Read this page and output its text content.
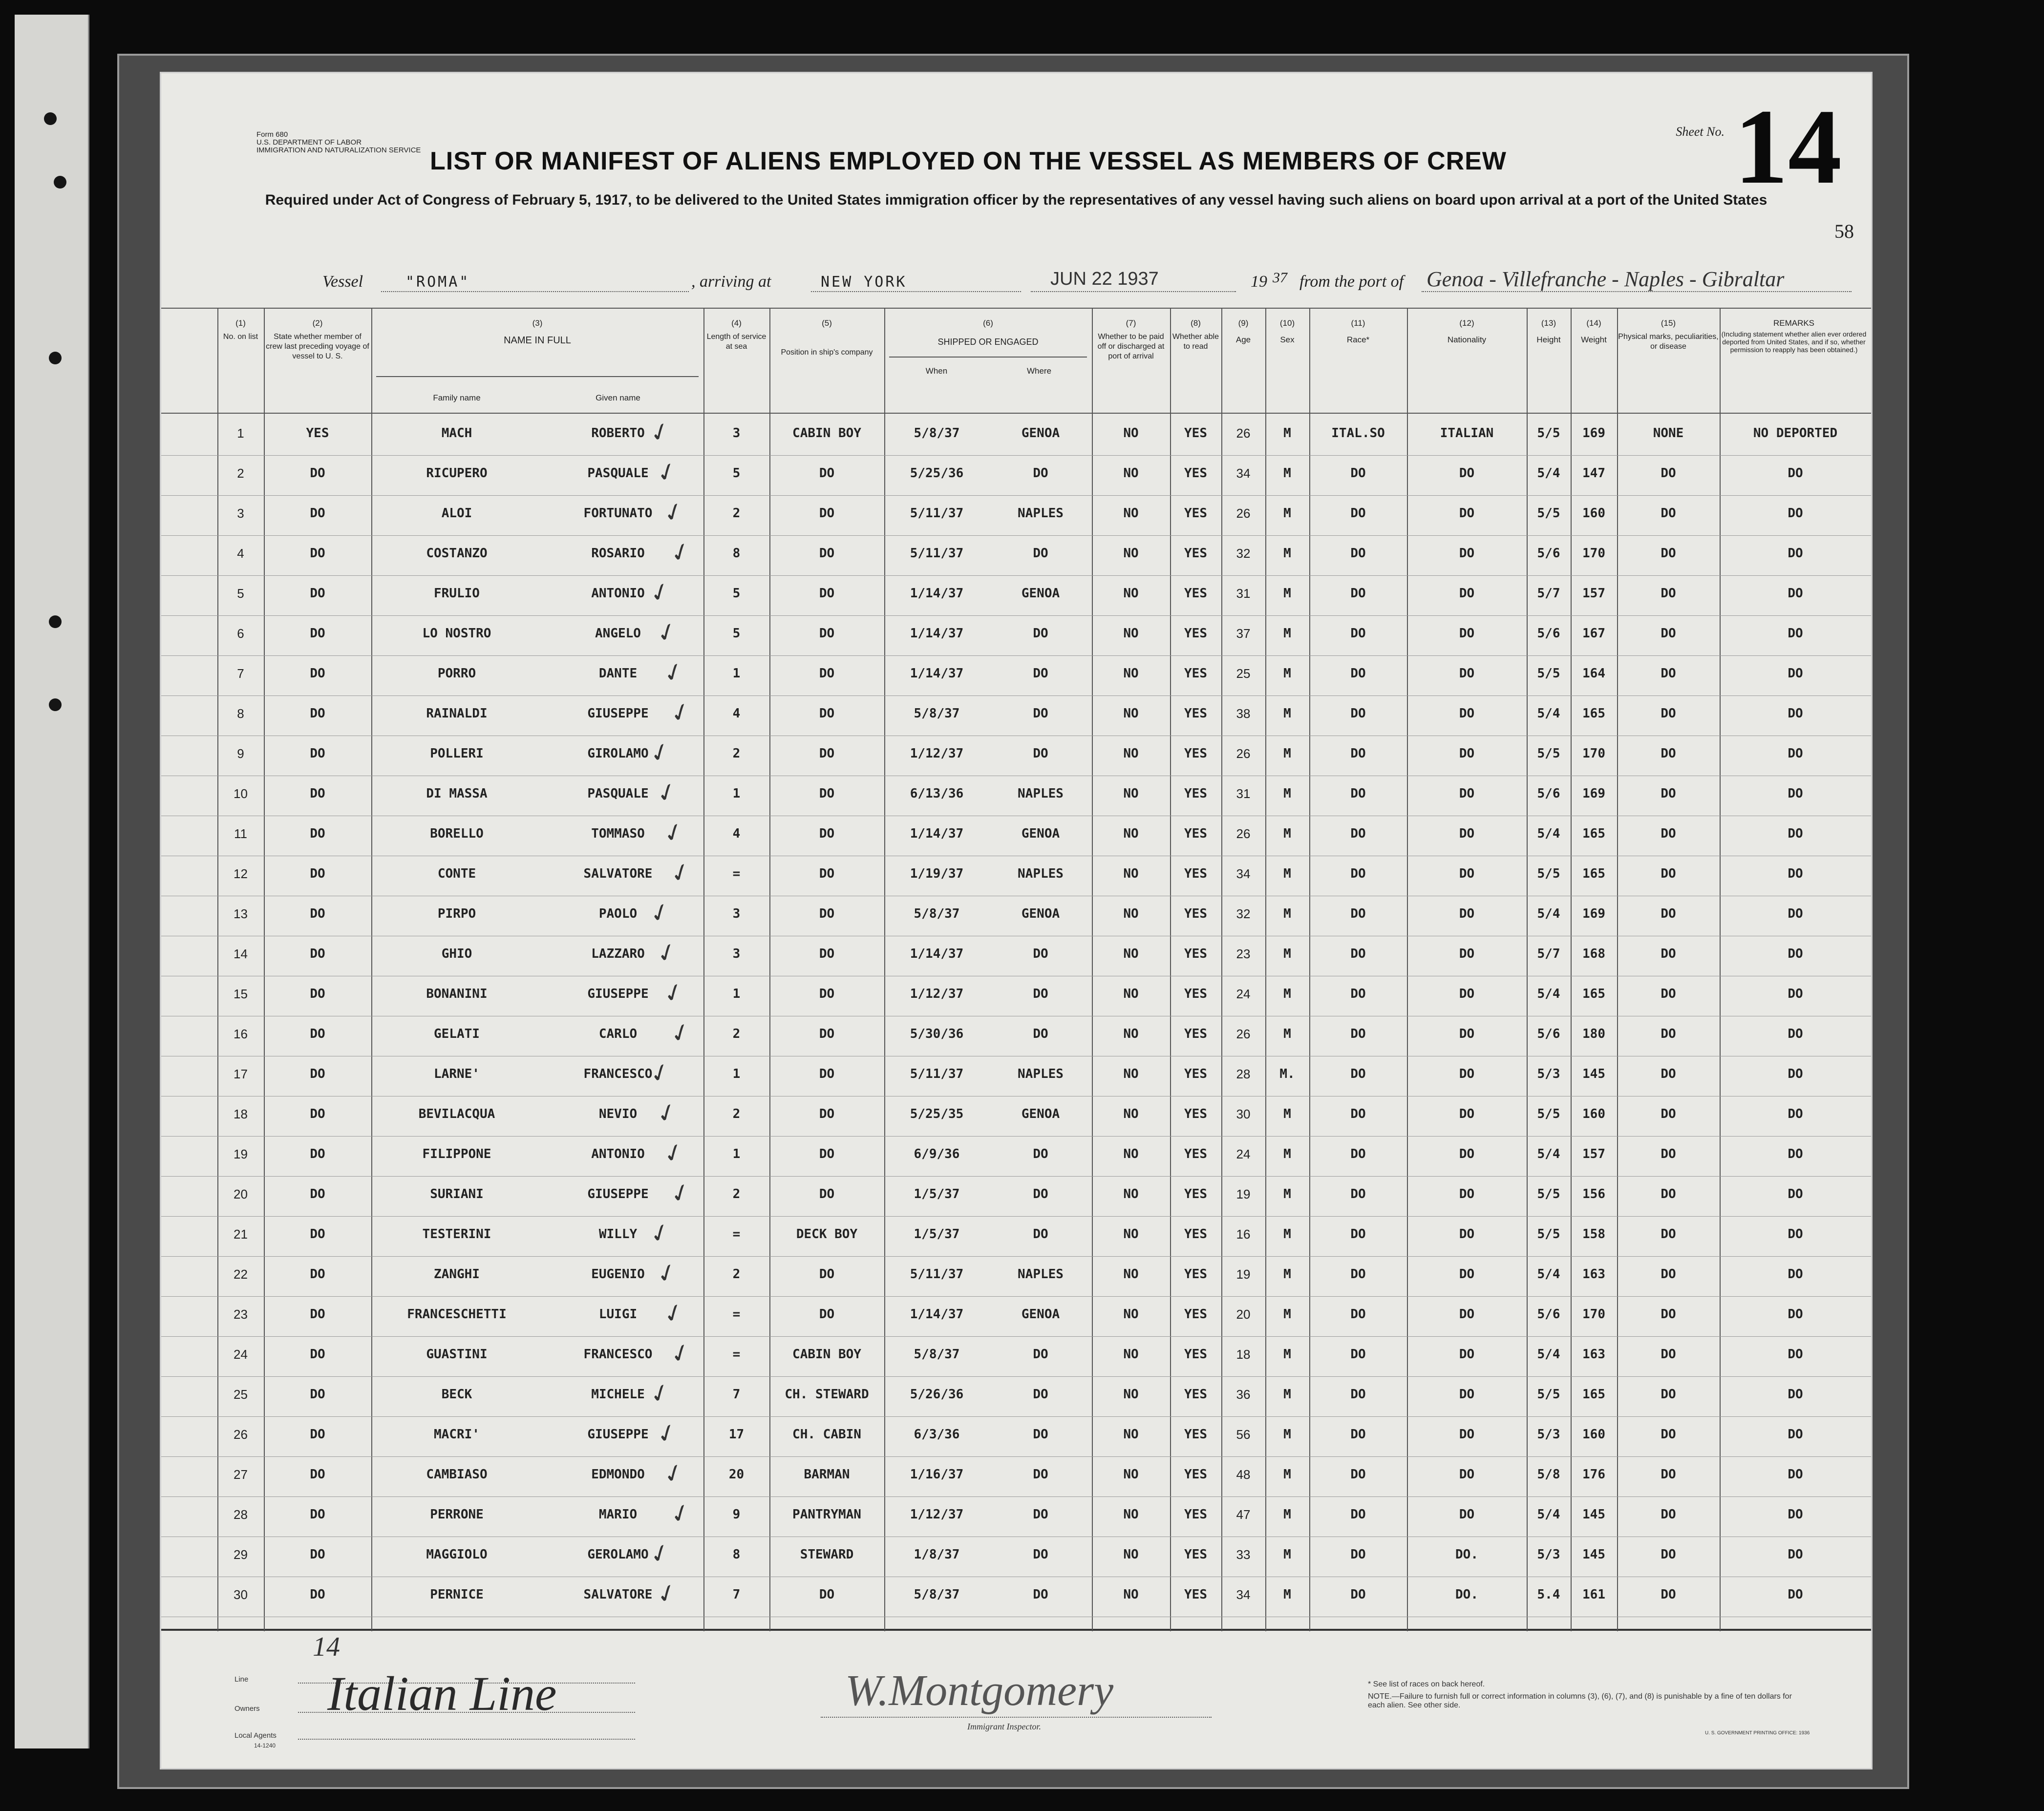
Form 680
U.S. DEPARTMENT OF LABOR
IMMIGRATION AND NATURALIZATION SERVICE LIST OR MANIFEST OF ALIENS EMPLOYED ON THE VESSEL AS MEMBERS OF CREW
Sheet No. 14
Required under Act of Congress of February 5, 1917, to be delivered to the United States immigration officer by the representatives of any vessel having such aliens on board upon arrival at a port of the United States
58
Vessel	"ROMA"	, arriving at	NEW YORK	JUN 22 1937	19 37 from the port of Genoa - Villefranche - Naples - Gibraltar
(1)
No. on list
(2)
State whether member of crew last preceding voyage of vessel to U. S.
(3)
NAME IN FULL
Family name	Given name
(4)
Length of service at sea
(5)
Position in ship's company
(6)
SHIPPED OR ENGAGED
When	Where
(7)
Whether to be paid off or discharged at port of arrival
(8)
Whether able to read
(9)
Age
(10)
Sex
(11)
Race*
(12)
Nationality
(13)
Height
(14)
Weight
(15)
Physical marks, peculiarities, or disease
REMARKS
(Including statement whether alien ever ordered deported from United States, and if so, whether permission to reapply has been obtained.)
1	YES	MACH	ROBERTO	3	CABIN BOY	5/8/37	GENOA	NO	YES	26	M	ITAL.SO	ITALIAN	5/5	169	NONE	NO DEPORTED
✓
2	DO	RICUPERO	PASQUALE	5	DO	5/25/36	DO	NO	YES	34	M	DO	DO	5/4	147	DO	DO
✓
3	DO	ALOI	FORTUNATO	2	DO	5/11/37	NAPLES	NO	YES	26	M	DO	DO	5/5	160	DO	DO
✓
4	DO	COSTANZO	ROSARIO	8	DO	5/11/37	DO	NO	YES	32	M	DO	DO	5/6	170	DO	DO
✓
5	DO	FRULIO	ANTONIO	5	DO	1/14/37	GENOA	NO	YES	31	M	DO	DO	5/7	157	DO	DO
✓
6	DO	LO NOSTRO	ANGELO	5	DO	1/14/37	DO	NO	YES	37	M	DO	DO	5/6	167	DO	DO
✓
7	DO	PORRO	DANTE	1	DO	1/14/37	DO	NO	YES	25	M	DO	DO	5/5	164	DO	DO
✓
8	DO	RAINALDI	GIUSEPPE	4	DO	5/8/37	DO	NO	YES	38	M	DO	DO	5/4	165	DO	DO
✓
9	DO	POLLERI	GIROLAMO	2	DO	1/12/37	DO	NO	YES	26	M	DO	DO	5/5	170	DO	DO
✓
10	DO	DI MASSA	PASQUALE	1	DO	6/13/36	NAPLES	NO	YES	31	M	DO	DO	5/6	169	DO	DO
✓
11	DO	BORELLO	TOMMASO	4	DO	1/14/37	GENOA	NO	YES	26	M	DO	DO	5/4	165	DO	DO
✓
12	DO	CONTE	SALVATORE	=	DO	1/19/37	NAPLES	NO	YES	34	M	DO	DO	5/5	165	DO	DO
✓
13	DO	PIRPO	PAOLO	3	DO	5/8/37	GENOA	NO	YES	32	M	DO	DO	5/4	169	DO	DO
✓
14	DO	GHIO	LAZZARO	3	DO	1/14/37	DO	NO	YES	23	M	DO	DO	5/7	168	DO	DO
✓
15	DO	BONANINI	GIUSEPPE	1	DO	1/12/37	DO	NO	YES	24	M	DO	DO	5/4	165	DO	DO
✓
16	DO	GELATI	CARLO	2	DO	5/30/36	DO	NO	YES	26	M	DO	DO	5/6	180	DO	DO
✓
17	DO	LARNE'	FRANCESCO	1	DO	5/11/37	NAPLES	NO	YES	28	M.	DO	DO	5/3	145	DO	DO
✓
18	DO	BEVILACQUA	NEVIO	2	DO	5/25/35	GENOA	NO	YES	30	M	DO	DO	5/5	160	DO	DO
✓
19	DO	FILIPPONE	ANTONIO	1	DO	6/9/36	DO	NO	YES	24	M	DO	DO	5/4	157	DO	DO
✓
20	DO	SURIANI	GIUSEPPE	2	DO	1/5/37	DO	NO	YES	19	M	DO	DO	5/5	156	DO	DO
✓
21	DO	TESTERINI	WILLY	=	DECK BOY	1/5/37	DO	NO	YES	16	M	DO	DO	5/5	158	DO	DO
✓
22	DO	ZANGHI	EUGENIO	2	DO	5/11/37	NAPLES	NO	YES	19	M	DO	DO	5/4	163	DO	DO
✓
23	DO	FRANCESCHETTI	LUIGI	=	DO	1/14/37	GENOA	NO	YES	20	M	DO	DO	5/6	170	DO	DO
✓
24	DO	GUASTINI	FRANCESCO	=	CABIN BOY	5/8/37	DO	NO	YES	18	M	DO	DO	5/4	163	DO	DO
✓
25	DO	BECK	MICHELE	7	CH. STEWARD	5/26/36	DO	NO	YES	36	M	DO	DO	5/5	165	DO	DO
✓
26	DO	MACRI'	GIUSEPPE	17	CH. CABIN	6/3/36	DO	NO	YES	56	M	DO	DO	5/3	160	DO	DO
✓
27	DO	CAMBIASO	EDMONDO	20	BARMAN	1/16/37	DO	NO	YES	48	M	DO	DO	5/8	176	DO	DO
✓
28	DO	PERRONE	MARIO	9	PANTRYMAN	1/12/37	DO	NO	YES	47	M	DO	DO	5/4	145	DO	DO
✓
29	DO	MAGGIOLO	GEROLAMO	8	STEWARD	1/8/37	DO	NO	YES	33	M	DO	DO.	5/3	145	DO	DO
✓
30	DO	PERNICE	SALVATORE	7	DO	5/8/37	DO	NO	YES	34	M	DO	DO.	5.4	161	DO	DO
✓
14
Line
Owners
Local Agents
14-1240
Italian Line	W.Montgomery
Immigrant Inspector.
* See list of races on back hereof.
NOTE.—Failure to furnish full or correct information in columns (3), (6), (7), and (8) is punishable by a fine of ten dollars for each alien. See other side.
U. S. GOVERNMENT PRINTING OFFICE: 1936
